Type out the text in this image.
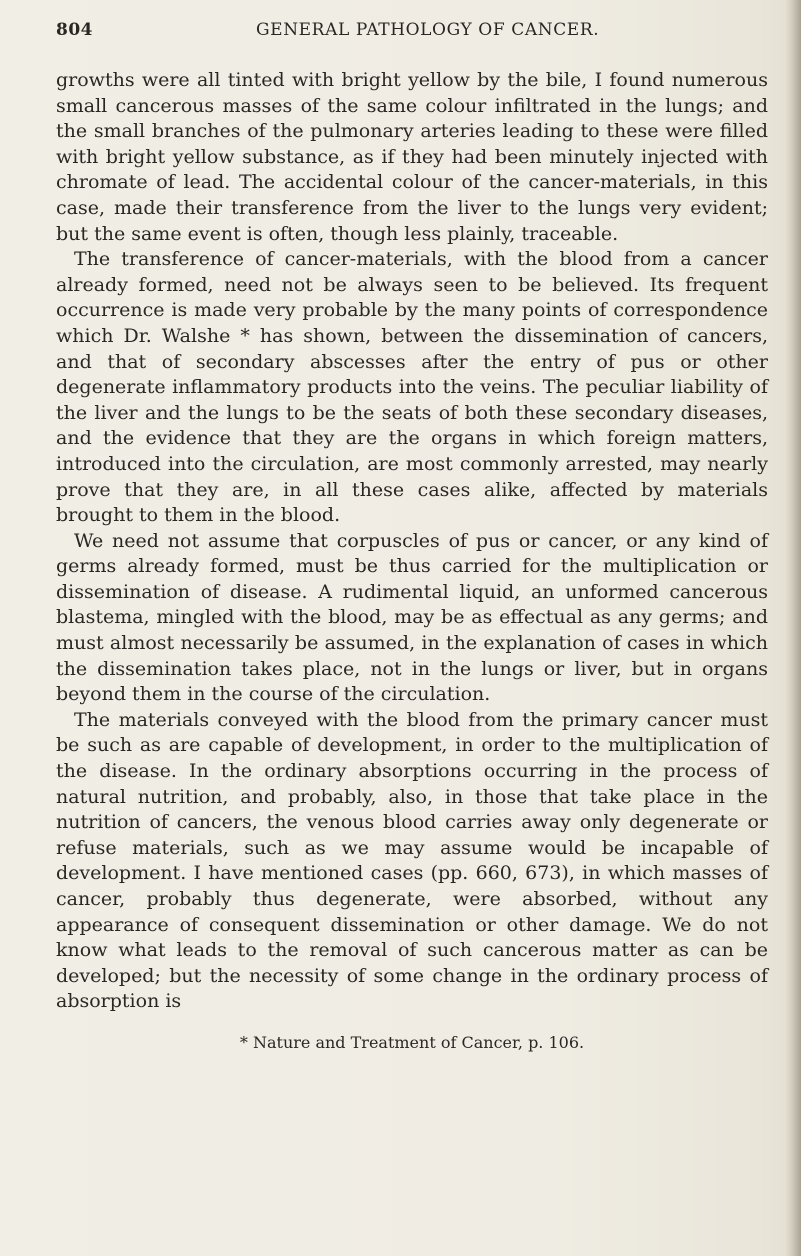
804	GENERAL PATHOLOGY OF CANCER.

growths were all tinted with bright yellow by the bile, I found numerous small cancerous masses of the same colour infiltrated in the lungs; and the small branches of the pulmonary arteries leading to these were filled with bright yellow substance, as if they had been minutely injected with chromate of lead. The accidental colour of the cancer-materials, in this case, made their transference from the liver to the lungs very evident; but the same event is often, though less plainly, traceable.

The transference of cancer-materials, with the blood from a cancer already formed, need not be always seen to be believed. Its frequent occurrence is made very probable by the many points of correspondence which Dr. Walshe * has shown, between the dissemination of cancers, and that of secondary abscesses after the entry of pus or other degenerate inflammatory products into the veins. The peculiar liability of the liver and the lungs to be the seats of both these secondary diseases, and the evidence that they are the organs in which foreign matters, introduced into the circulation, are most commonly arrested, may nearly prove that they are, in all these cases alike, affected by materials brought to them in the blood.

We need not assume that corpuscles of pus or cancer, or any kind of germs already formed, must be thus carried for the multiplication or dissemination of disease. A rudimental liquid, an unformed cancerous blastema, mingled with the blood, may be as effectual as any germs; and must almost necessarily be assumed, in the explanation of cases in which the dissemination takes place, not in the lungs or liver, but in organs beyond them in the course of the circulation.

The materials conveyed with the blood from the primary cancer must be such as are capable of development, in order to the multiplication of the disease. In the ordinary absorptions occurring in the process of natural nutrition, and probably, also, in those that take place in the nutrition of cancers, the venous blood carries away only degenerate or refuse materials, such as we may assume would be incapable of development. I have mentioned cases (pp. 660, 673), in which masses of cancer, probably thus degenerate, were absorbed, without any appearance of consequent dissemination or other damage. We do not know what leads to the removal of such cancerous matter as can be developed; but the necessity of some change in the ordinary process of absorption is

* Nature and Treatment of Cancer, p. 106.
